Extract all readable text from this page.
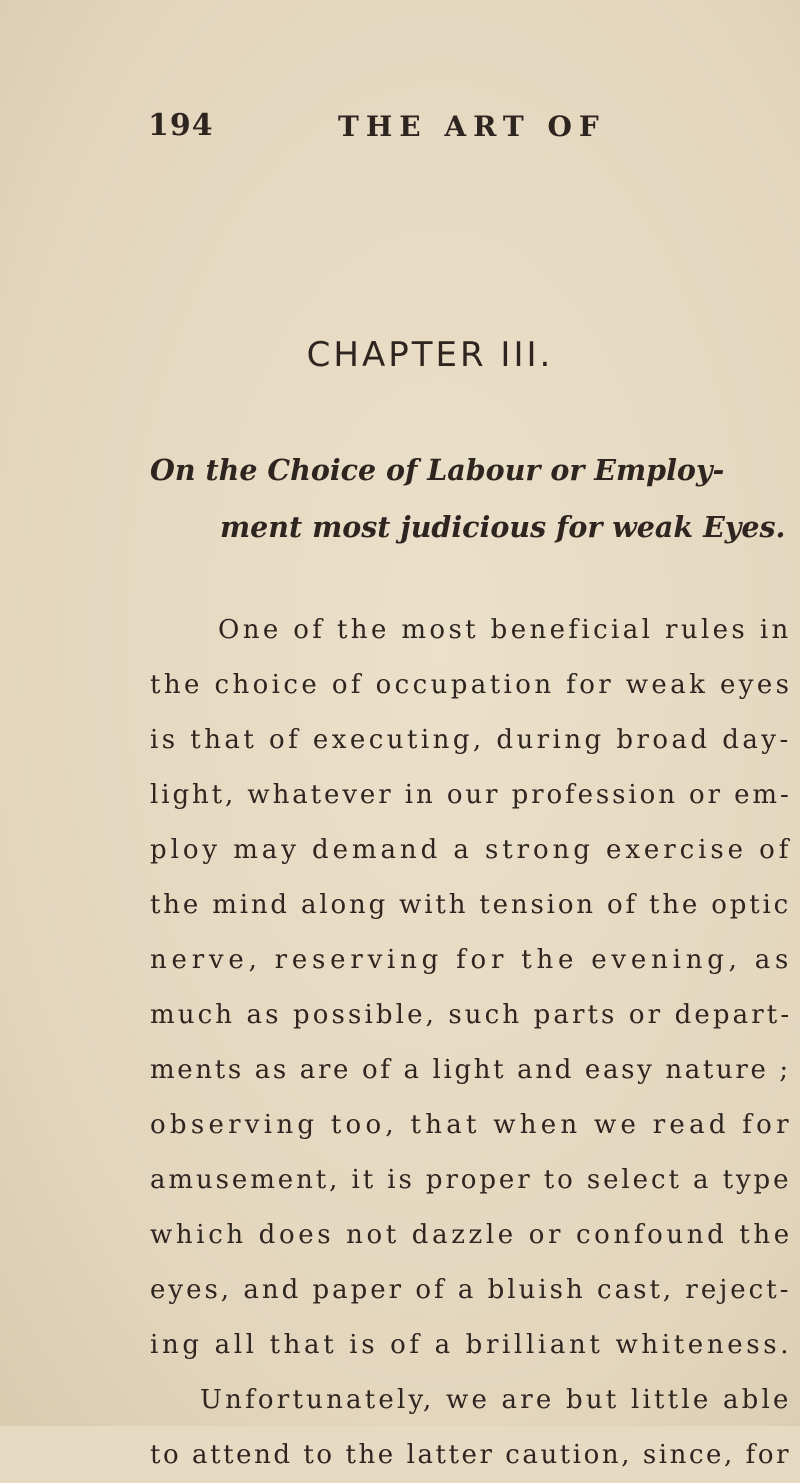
194	THE ART OF
CHAPTER III.
On the Choice of Labour or Employ-
ment most judicious for weak Eyes.
One of the most beneficial rules in
the choice of occupation for weak eyes
is that of executing, during broad day-
light, whatever in our profession or em-
ploy may demand a strong exercise of
the mind along with tension of the optic
nerve, reserving for the evening, as
much as possible, such parts or depart-
ments as are of a light and easy nature ;
observing too, that when we read for
amusement, it is proper to select a type
which does not dazzle or confound the
eyes, and paper of a bluish cast, reject-
ing all that is of a brilliant whiteness.
Unfortunately, we are but little able
to attend to the latter caution, since, for
